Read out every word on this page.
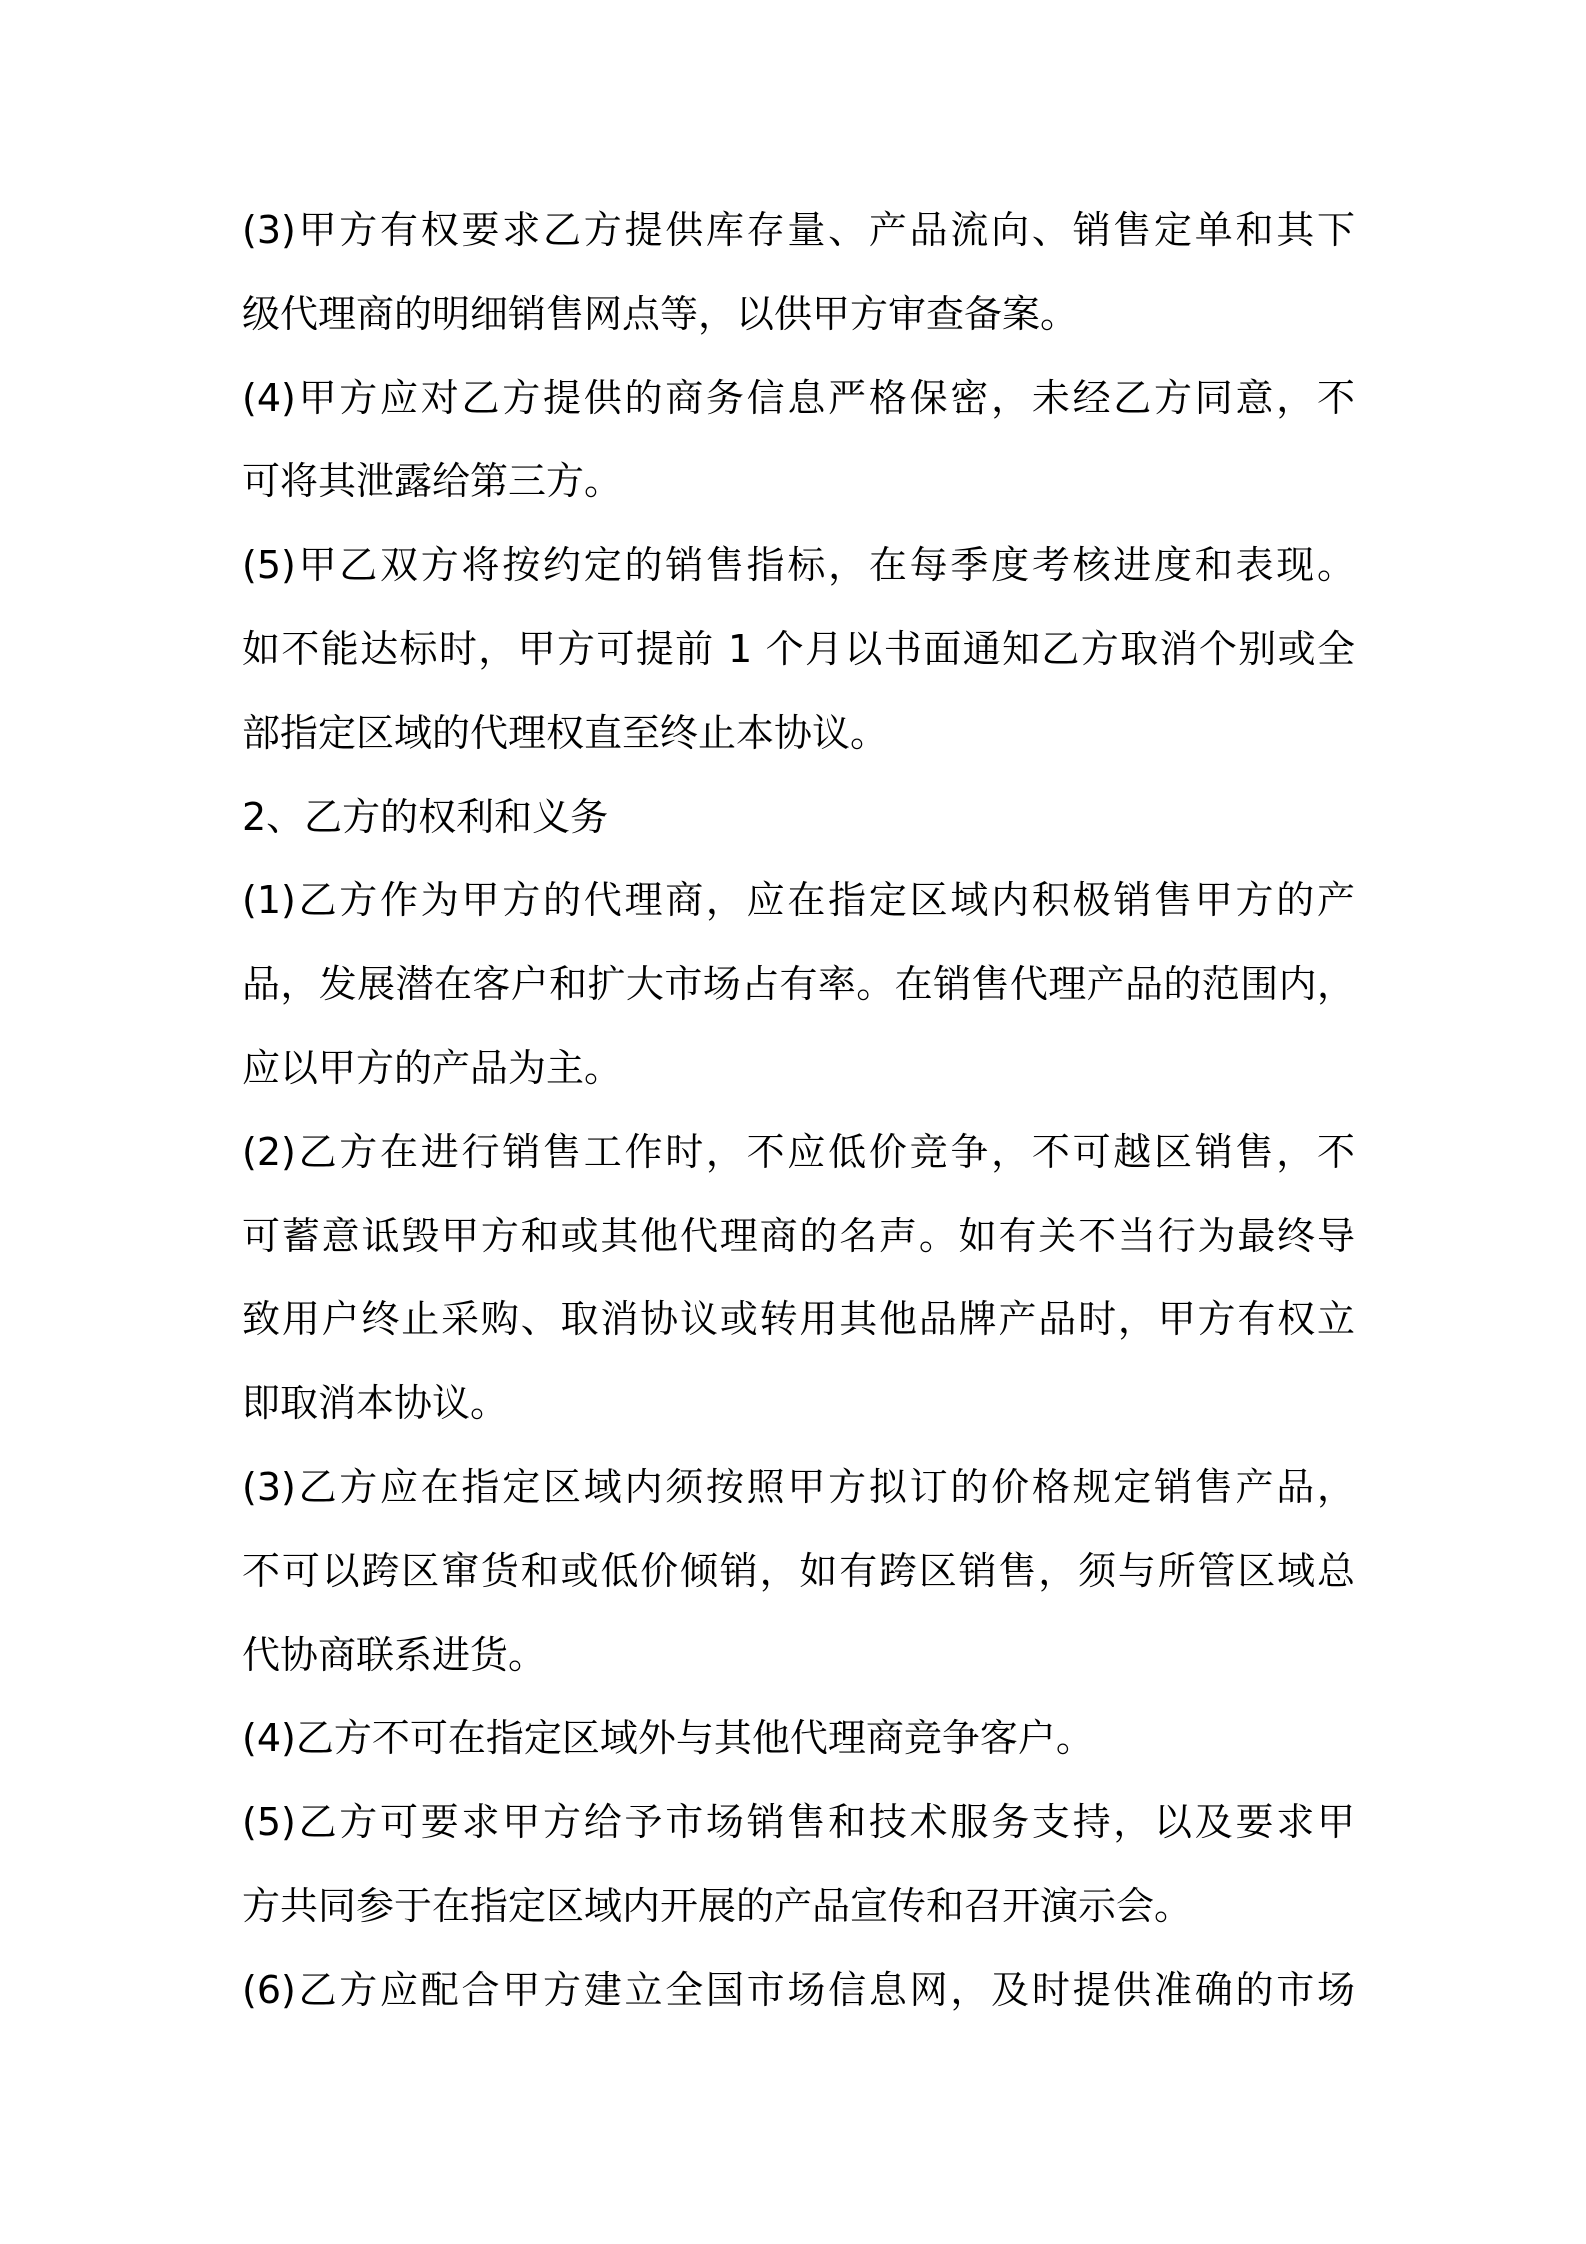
(3)甲方有权要求乙方提供库存量、产品流向、销售定单和其下
级代理商的明细销售网点等，以供甲方审查备案。
(4)甲方应对乙方提供的商务信息严格保密，未经乙方同意，不
可将其泄露给第三方。
(5)甲乙双方将按约定的销售指标，在每季度考核进度和表现。
如不能达标时，甲方可提前 1 个月以书面通知乙方取消个别或全
部指定区域的代理权直至终止本协议。
2、乙方的权利和义务
(1)乙方作为甲方的代理商，应在指定区域内积极销售甲方的产
品，发展潜在客户和扩大市场占有率。在销售代理产品的范围内，
应以甲方的产品为主。
(2)乙方在进行销售工作时，不应低价竞争，不可越区销售，不
可蓄意诋毁甲方和或其他代理商的名声。如有关不当行为最终导
致用户终止采购、取消协议或转用其他品牌产品时，甲方有权立
即取消本协议。
(3)乙方应在指定区域内须按照甲方拟订的价格规定销售产品，
不可以跨区窜货和或低价倾销，如有跨区销售，须与所管区域总
代协商联系进货。
(4)乙方不可在指定区域外与其他代理商竞争客户。
(5)乙方可要求甲方给予市场销售和技术服务支持，以及要求甲
方共同参于在指定区域内开展的产品宣传和召开演示会。
(6)乙方应配合甲方建立全国市场信息网，及时提供准确的市场
